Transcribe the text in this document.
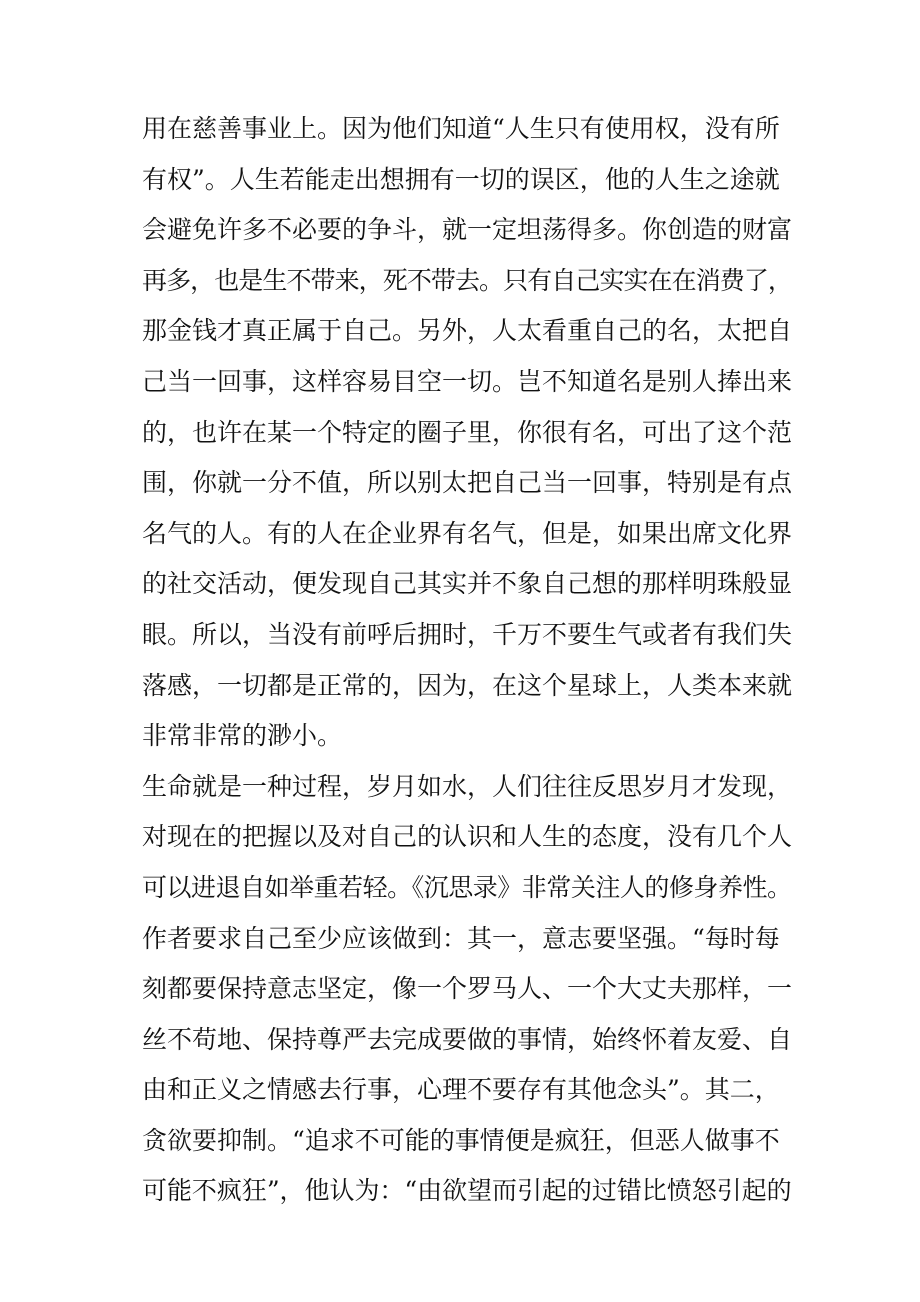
用在慈善事业上。因为他们知道“人生只有使用权，没有所
有权”。人生若能走出想拥有一切的误区，他的人生之途就
会避免许多不必要的争斗，就一定坦荡得多。你创造的财富
再多，也是生不带来，死不带去。只有自己实实在在消费了，
那金钱才真正属于自己。另外，人太看重自己的名，太把自
己当一回事，这样容易目空一切。岂不知道名是别人捧出来
的，也许在某一个特定的圈子里，你很有名，可出了这个范
围，你就一分不值，所以别太把自己当一回事，特别是有点
名气的人。有的人在企业界有名气，但是，如果出席文化界
的社交活动，便发现自己其实并不象自己想的那样明珠般显
眼。所以，当没有前呼后拥时，千万不要生气或者有我们失
落感，一切都是正常的，因为，在这个星球上，人类本来就
非常非常的渺小。
生命就是一种过程，岁月如水，人们往往反思岁月才发现，
对现在的把握以及对自己的认识和人生的态度，没有几个人
可以进退自如举重若轻。《沉思录》非常关注人的修身养性。
作者要求自己至少应该做到：其一，意志要坚强。“每时每
刻都要保持意志坚定，像一个罗马人、一个大丈夫那样，一
丝不苟地、保持尊严去完成要做的事情，始终怀着友爱、自
由和正义之情感去行事，心理不要存有其他念头”。其二，
贪欲要抑制。“追求不可能的事情便是疯狂，但恶人做事不
可能不疯狂”，他认为：“由欲望而引起的过错比愤怒引起的
